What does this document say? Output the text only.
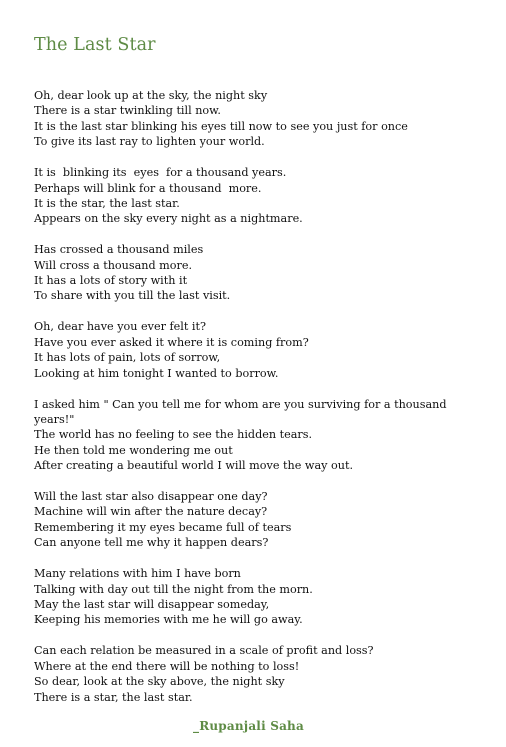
The Last Star
Oh, dear look up at the sky, the night sky
There is a star twinkling till now.
It is the last star blinking his eyes till now to see you just for once
To give its last ray to lighten your world.
It is  blinking its  eyes  for a thousand years.
Perhaps will blink for a thousand  more.
It is the star, the last star.
Appears on the sky every night as a nightmare.
Has crossed a thousand miles
Will cross a thousand more.
It has a lots of story with it
To share with you till the last visit.
Oh, dear have you ever felt it?
Have you ever asked it where it is coming from?
It has lots of pain, lots of sorrow,
Looking at him tonight I wanted to borrow.
I asked him " Can you tell me for whom are you surviving for a thousand
years!"
The world has no feeling to see the hidden tears.
He then told me wondering me out
After creating a beautiful world I will move the way out.
Will the last star also disappear one day?
Machine will win after the nature decay?
Remembering it my eyes became full of tears
Can anyone tell me why it happen dears?
Many relations with him I have born
Talking with day out till the night from the morn.
May the last star will disappear someday,
Keeping his memories with me he will go away.
Can each relation be measured in a scale of profit and loss?
Where at the end there will be nothing to loss!
So dear, look at the sky above, the night sky
There is a star, the last star.
_Rupanjali Saha
